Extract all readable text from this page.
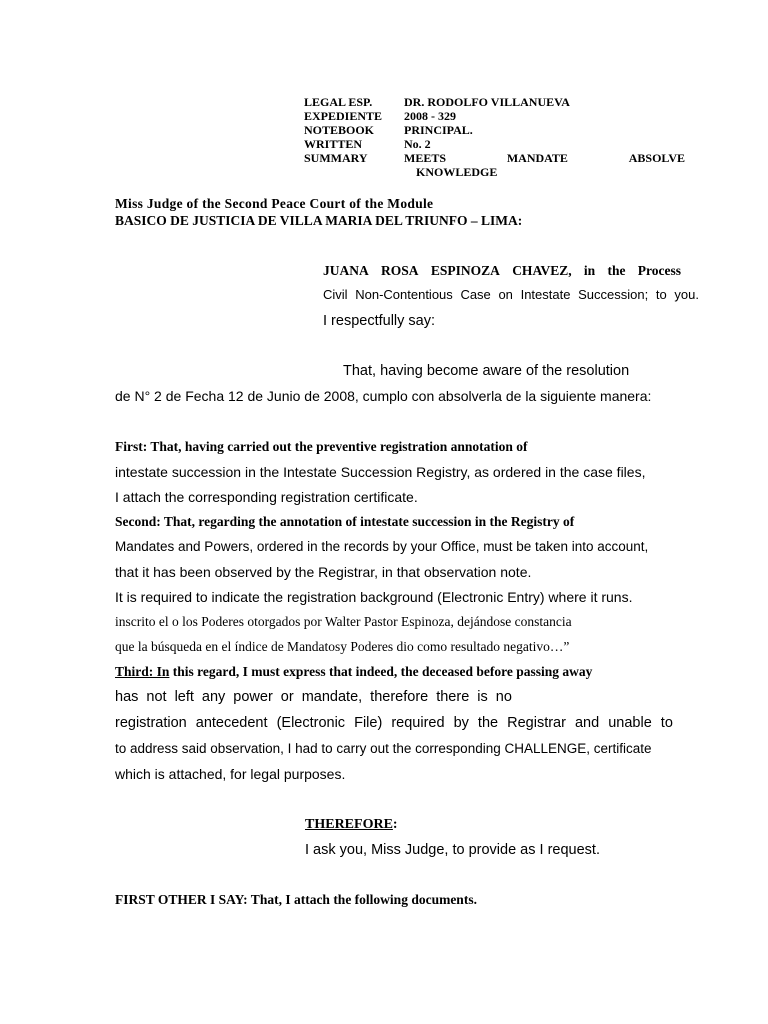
LEGAL ESP.	DR. RODOLFO VILLANUEVA
EXPEDIENTE 2008 - 329
NOTEBOOK PRINCIPAL.
WRITTEN	No. 2
SUMMARY	MEETS	MANDATE	ABSOLVE
KNOWLEDGE
Miss Judge of the Second Peace Court of the Module
BASICO DE JUSTICIA DE VILLA MARIA DEL TRIUNFO – LIMA:
JUANA ROSA ESPINOZA CHAVEZ, in the Process
Civil Non-Contentious Case on Intestate Succession; to you.
I respectfully say:
That, having become aware of the resolution
de N° 2 de Fecha 12 de Junio de 2008, cumplo con absolverla de la siguiente manera:
First: That, having carried out the preventive registration annotation of
intestate succession in the Intestate Succession Registry, as ordered in the case files,
I attach the corresponding registration certificate.
Second: That, regarding the annotation of intestate succession in the Registry of
Mandates and Powers, ordered in the records by your Office, must be taken into account,
that it has been observed by the Registrar, in that observation note.
It is required to indicate the registration background (Electronic Entry) where it runs.
inscrito el o los Poderes otorgados por Walter Pastor Espinoza, dejándose constancia
que la búsqueda en el índice de Mandatosy Poderes dio como resultado negativo…”
Third: In this regard, I must express that indeed, the deceased before passing away
has not left any power or mandate, therefore there is no
registration antecedent (Electronic File) required by the Registrar and unable to
to address said observation, I had to carry out the corresponding CHALLENGE, certificate
which is attached, for legal purposes.
THEREFORE:
I ask you, Miss Judge, to provide as I request.
FIRST OTHER I SAY: That, I attach the following documents.
